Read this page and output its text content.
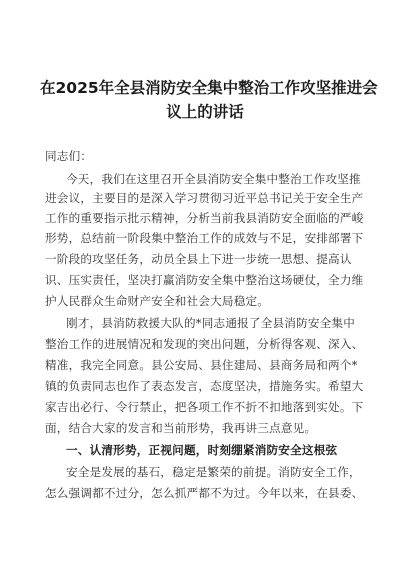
在2025年全县消防安全集中整治工作攻坚推进会
议上的讲话
同志们：
今天，我们在这里召开全县消防安全集中整治工作攻坚推
进会议，主要目的是深入学习贯彻习近平总书记关于安全生产
工作的重要指示批示精神，分析当前我县消防安全面临的严峻
形势，总结前一阶段集中整治工作的成效与不足，安排部署下
一阶段的攻坚任务，动员全县上下进一步统一思想、提高认
识、压实责任，坚决打赢消防安全集中整治这场硬仗，全力维
护人民群众生命财产安全和社会大局稳定。
刚才，县消防救援大队的*同志通报了全县消防安全集中
整治工作的进展情况和发现的突出问题，分析得客观、深入、
精准，我完全同意。县公安局、县住建局、县商务局和两个*
镇的负责同志也作了表态发言，态度坚决，措施务实。希望大
家吉出必行、令行禁止，把各项工作不折不扣地落到实处。下
面，结合大家的发言和当前形势，我再讲三点意见。
一、认清形势，正视问题，时刻绷紧消防安全这根弦
安全是发展的基石，稳定是繁荣的前提。消防安全工作，
怎么强调都不过分，怎么抓严都不为过。今年以来，在县委、
